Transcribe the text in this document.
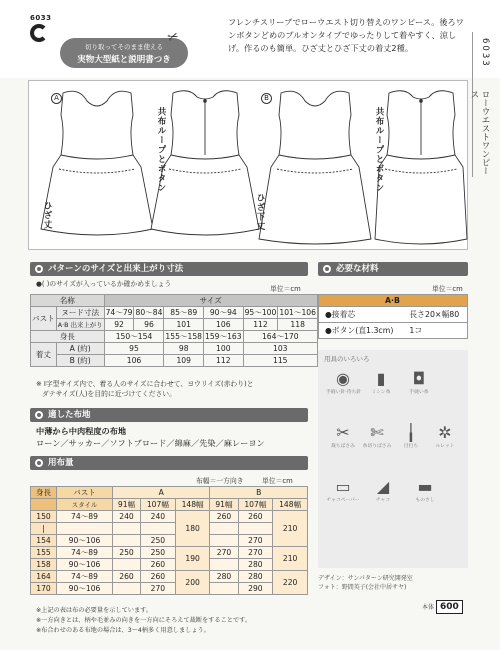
6033
切り取ってそのまま使える
実物大型紙と説明書つき
✂
フレンチスリーブでローウエスト切り替えのワンピース。後ろワンボタンどめのプルオンタイプでゆったりして着やすく、涼しげ。作るのも簡単。ひざ丈とひざ下丈の着丈2種。	6033
ローウエストワンピース
A	B
共布ループとボタン	共布ループとボタン
ひざ丈	ひざ下丈
パターンのサイズと出来上がり寸法
●( )のサイズが入っているか確かめましょう
単位＝cm
名称		サイズ					
バスト	ヌード寸法	74〜79	80〜84	85〜89	90〜94	95〜100	101〜106
	A·B 出来上がり	92	96	101	106	112	118
身長		150〜154		155〜158	159〜163	164〜170	
着丈	A (約)	95		98	100	103	
	B (約)	106		109	112	115	
※ I字型サイズ内で、着る人のサイズに合わせて、ヨウリイズ(赤わり)と
ダテサイズ(人)を目的に近づけてください。
適した布地
中薄から中肉程度の布地
ローン／サッカー／ソフトブロード／綿麻／先染／麻レーヨン
用布量
布幅＝一方向き	単位＝cm
身長	バスト	A			B		
	スタイル	91幅	107幅	148幅	91幅	107幅	148幅
150	74〜89	240	240	180	260	260	210
|							
154	90〜106		250			270	
155	74〜89	250	250	190	270	270	210
158	90〜106		260			280	
164	74〜89	260	260	200	280	280	220
170	90〜106		270			290	
※上記の表は布の必要量を示しています。
※一方向きとは、柄や毛並みの向きを一方向にそろえて裁断をすることです。
※布合わせのある布地の場合は、3〜4柄多く用意しましょう。
必要な材料
単位＝cm
A·B	
●接着芯	長さ20×幅80
●ボタン(直1.3cm)	1コ
用具のいろいろ
◉
手縫い針·待ち針
▮
ミシン糸
◘
手縫い糸
✂
裁ちばさみ
✄
糸切りばさみ
╽
目打ち
✲
ルレット
▭
チャコペーパー
◢
チャコ
▬
ものさし
デザイン：サンパターン研究開発室
フォト：野間英子(会社中居サヤ)
本体 600
